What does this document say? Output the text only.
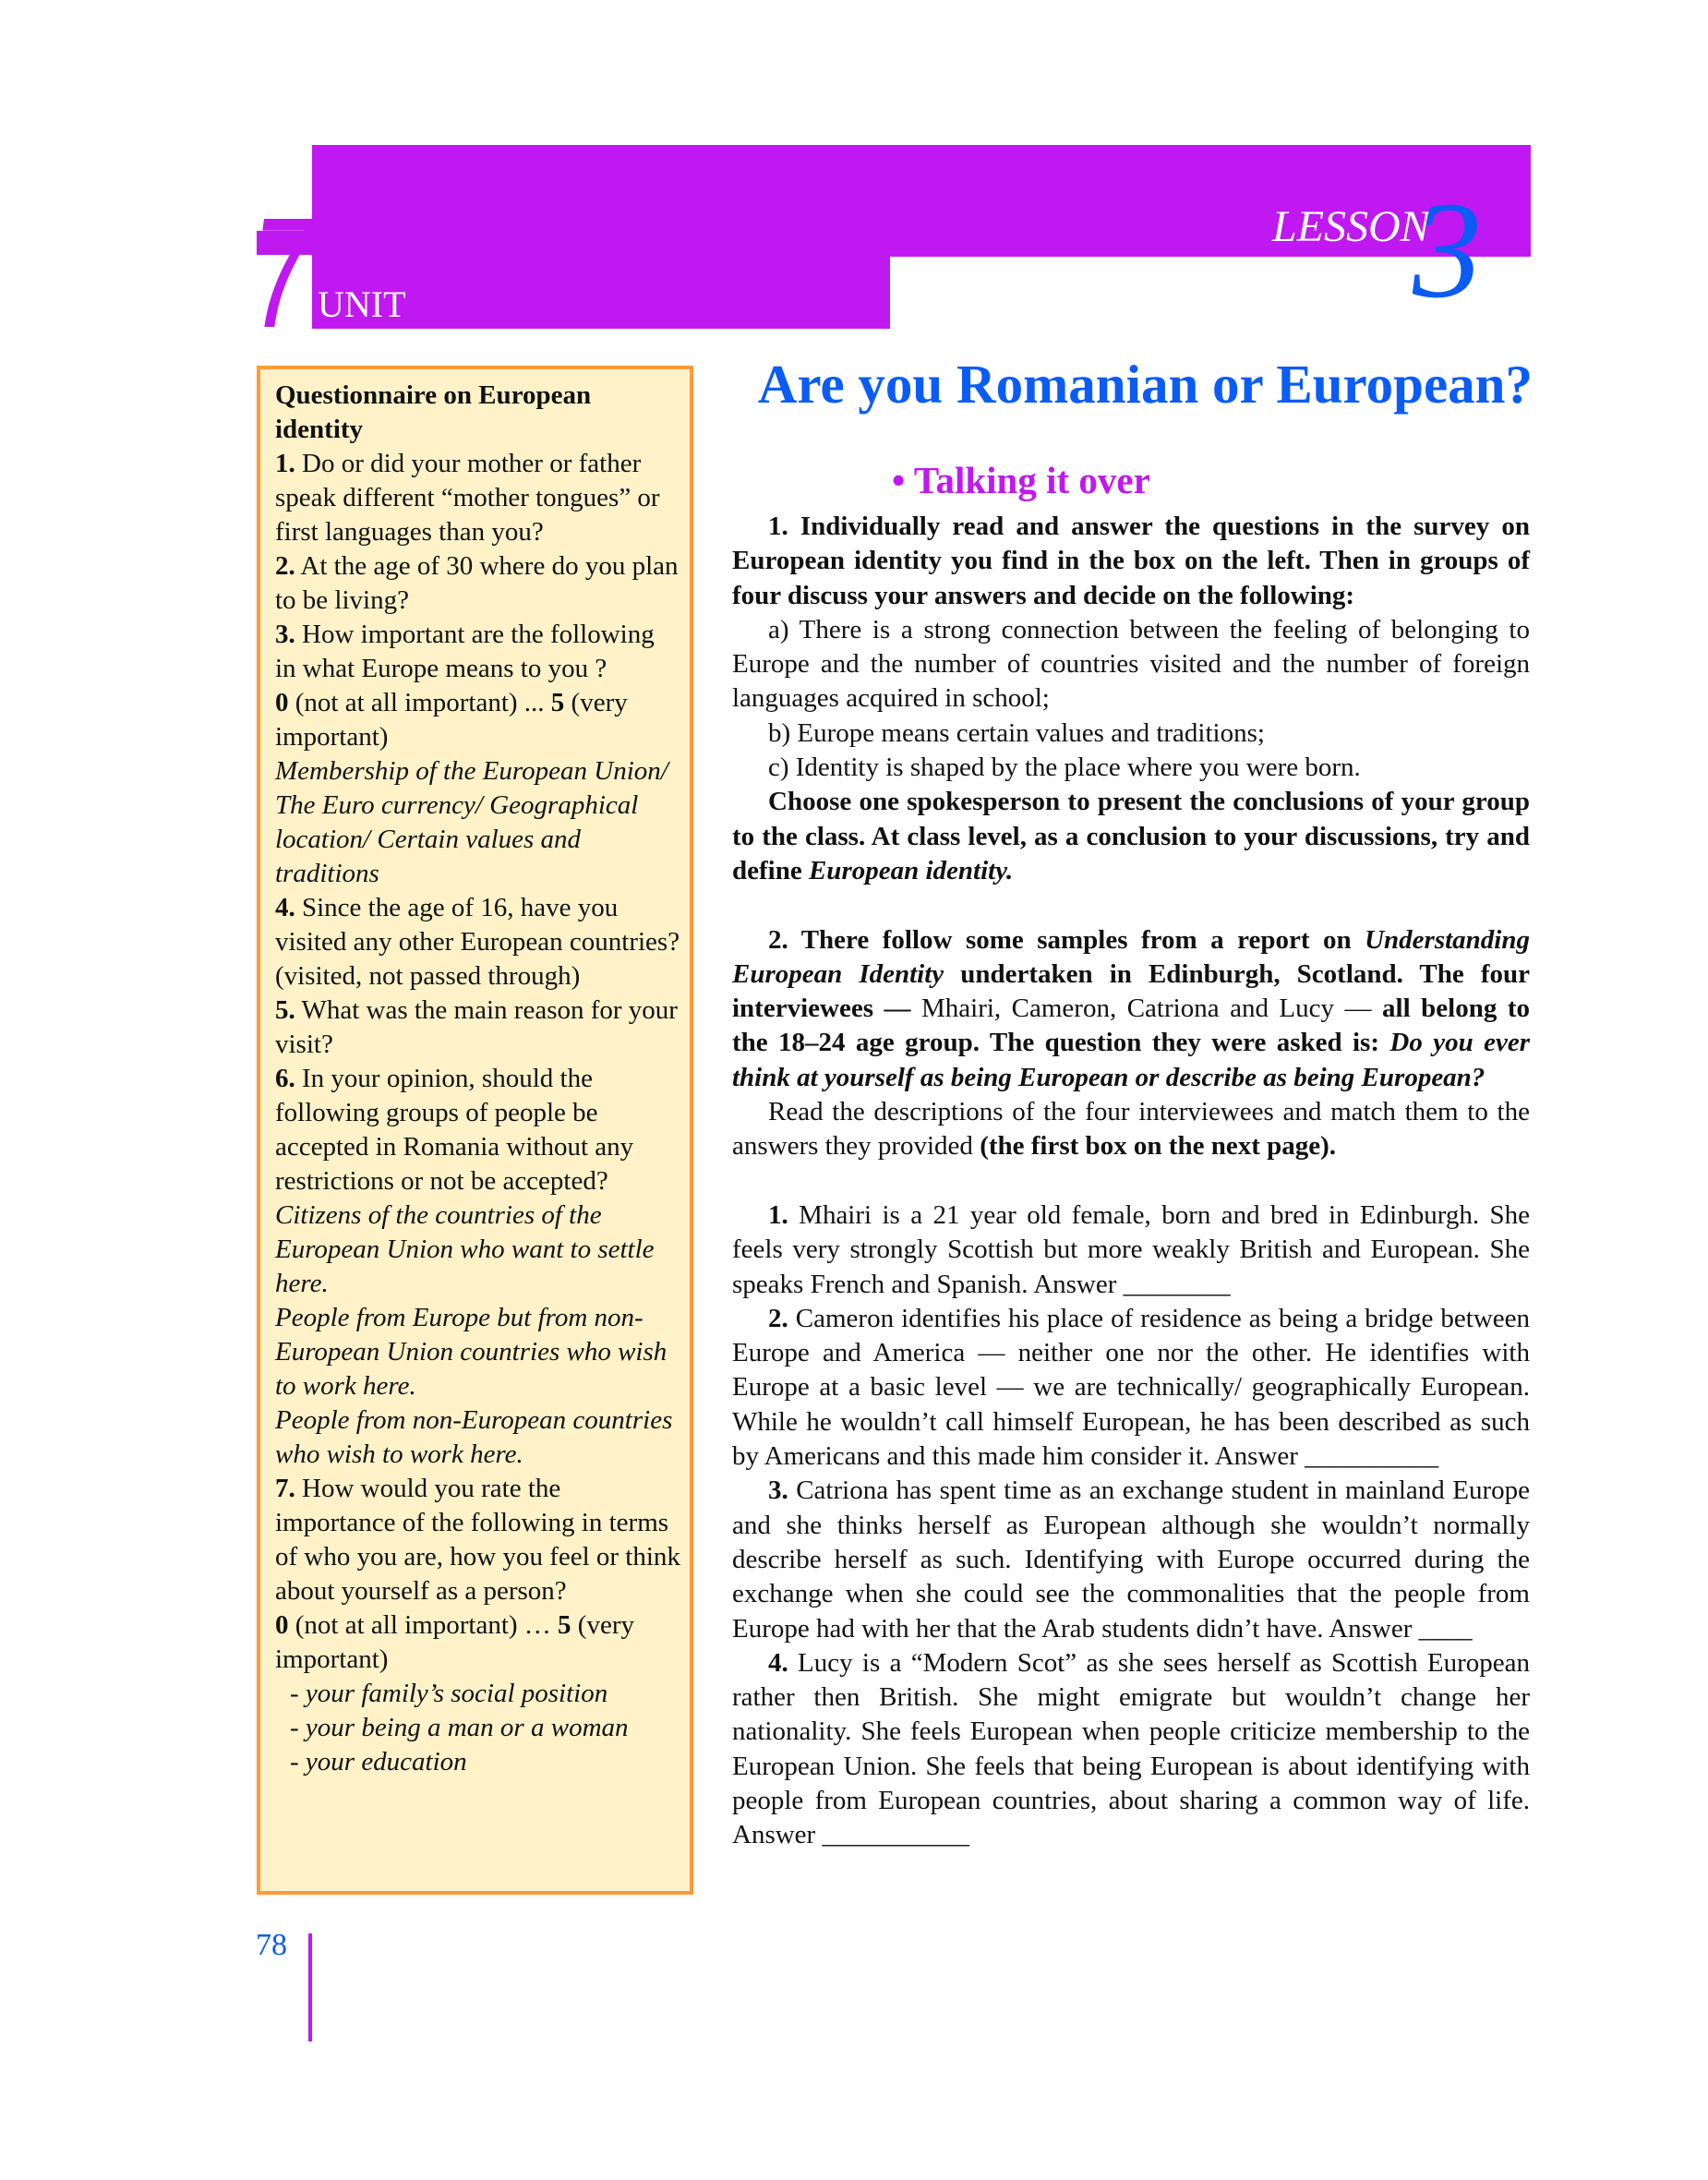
7 UNIT
LESSON
3
Questionnaire on European identity
1. Do or did your mother or father speak different “mother tongues” or first languages than you?
2. At the age of 30 where do you plan to be living?
3. How important are the following in what Europe means to you ?
0 (not at all important) ... 5 (very important)
Membership of the European Union/ The Euro currency/ Geographical location/ Certain values and traditions
4. Since the age of 16, have you visited any other European countries? (visited, not passed through)
5. What was the main reason for your visit?
6. In your opinion, should the following groups of people be accepted in Romania without any restrictions or not be accepted?
Citizens of the countries of the European Union who want to settle here.
People from Europe but from non-European Union countries who wish to work here.
People from non-European countries who wish to work here.
7. How would you rate the importance of the following in terms of who you are, how you feel or think about yourself as a person?
0 (not at all important) … 5 (very important)
- your family’s social position
- your being a man or a woman
- your education
Are you Romanian or European?
• Talking it over

1. Individually read and answer the questions in the survey on European identity you find in the box on the left. Then in groups of four discuss your answers and decide on the following:

a) There is a strong connection between the feeling of belonging to Europe and the number of countries visited and the number of foreign languages acquired in school;

b) Europe means certain values and traditions;

c) Identity is shaped by the place where you were born.

Choose one spokesperson to present the conclusions of your group to the class. At class level, as a conclusion to your discussions, try and define European identity.

2. There follow some samples from a report on Understanding European Identity undertaken in Edinburgh, Scotland. The four interviewees — Mhairi, Cameron, Catriona and Lucy — all belong to the 18–24 age group. The question they were asked is: Do you ever think at yourself as being European or describe as being European?

Read the descriptions of the four interviewees and match them to the answers they provided (the first box on the next page).

1. Mhairi is a 21 year old female, born and bred in Edinburgh. She feels very strongly Scottish but more weakly British and European. She speaks French and Spanish. Answer ________

2. Cameron identifies his place of residence as being a bridge between Europe and America — neither one nor the other. He identifies with Europe at a basic level — we are technically/ geographically European. While he wouldn’t call himself European, he has been described as such by Americans and this made him consider it. Answer __________

3. Catriona has spent time as an exchange student in mainland Europe and she thinks herself as European although she wouldn’t normally describe herself as such. Identifying with Europe occurred during the exchange when she could see the commonalities that the people from Europe had with her that the Arab students didn’t have. Answer ____

4. Lucy is a “Modern Scot” as she sees herself as Scottish European rather then British. She might emigrate but wouldn’t change her nationality. She feels European when people criticize membership to the European Union. She feels that being European is about identifying with people from European countries, about sharing a common way of life. Answer ___________

78
